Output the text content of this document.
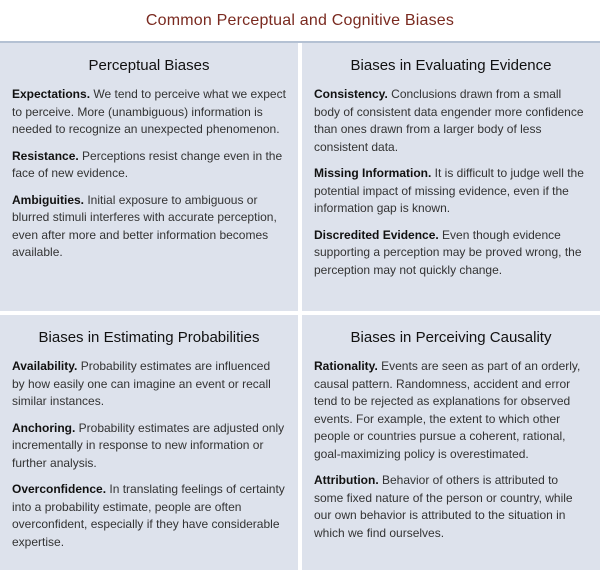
Common Perceptual and Cognitive Biases
Perceptual Biases

Expectations. We tend to perceive what we expect to perceive. More (unambiguous) information is needed to recognize an unexpected phenomenon.

Resistance. Perceptions resist change even in the face of new evidence.

Ambiguities. Initial exposure to ambiguous or blurred stimuli interferes with accurate perception, even after more and better information becomes available.

Biases in Evaluating Evidence

Consistency. Conclusions drawn from a small body of consistent data engender more confidence than ones drawn from a larger body of less consistent data.

Missing Information. It is difficult to judge well the potential impact of missing evidence, even if the information gap is known.

Discredited Evidence. Even though evidence supporting a perception may be proved wrong, the perception may not quickly change.

Biases in Estimating Probabilities

Availability. Probability estimates are influenced by how easily one can imagine an event or recall similar instances.

Anchoring. Probability estimates are adjusted only incrementally in response to new information or further analysis.

Overconfidence. In translating feelings of certainty into a probability estimate, people are often overconfident, especially if they have considerable expertise.

Biases in Perceiving Causality

Rationality. Events are seen as part of an orderly, causal pattern. Randomness, accident and error tend to be rejected as explanations for observed events. For example, the extent to which other people or countries pursue a coherent, rational, goal-maximizing policy is overestimated.

Attribution. Behavior of others is attributed to some fixed nature of the person or country, while our own behavior is attributed to the situation in which we find ourselves.
